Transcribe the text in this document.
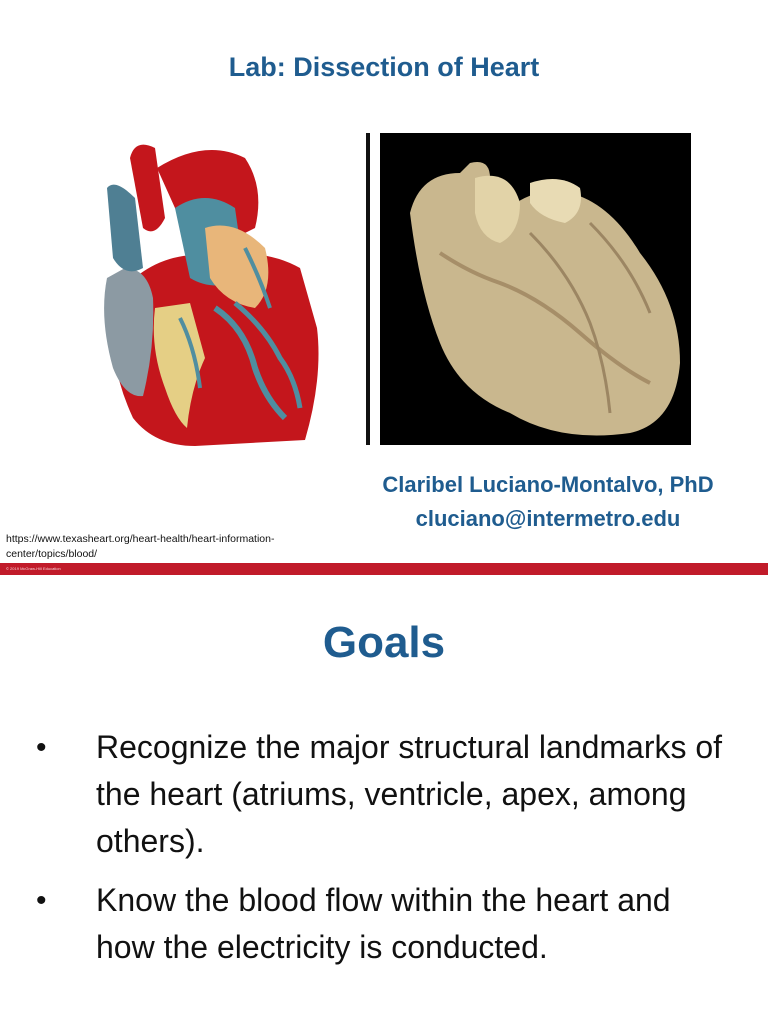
Lab: Dissection of Heart
Claribel Luciano-Montalvo, PhD
cluciano@intermetro.edu
https://www.texasheart.org/heart-health/heart-information-
center/topics/blood/
© 2019 McGraw-Hill Education
Goals
• Recognize the major structural landmarks of the heart (atriums, ventricle, apex, among others).
• Know the blood flow within the heart and how the electricity is conducted.
